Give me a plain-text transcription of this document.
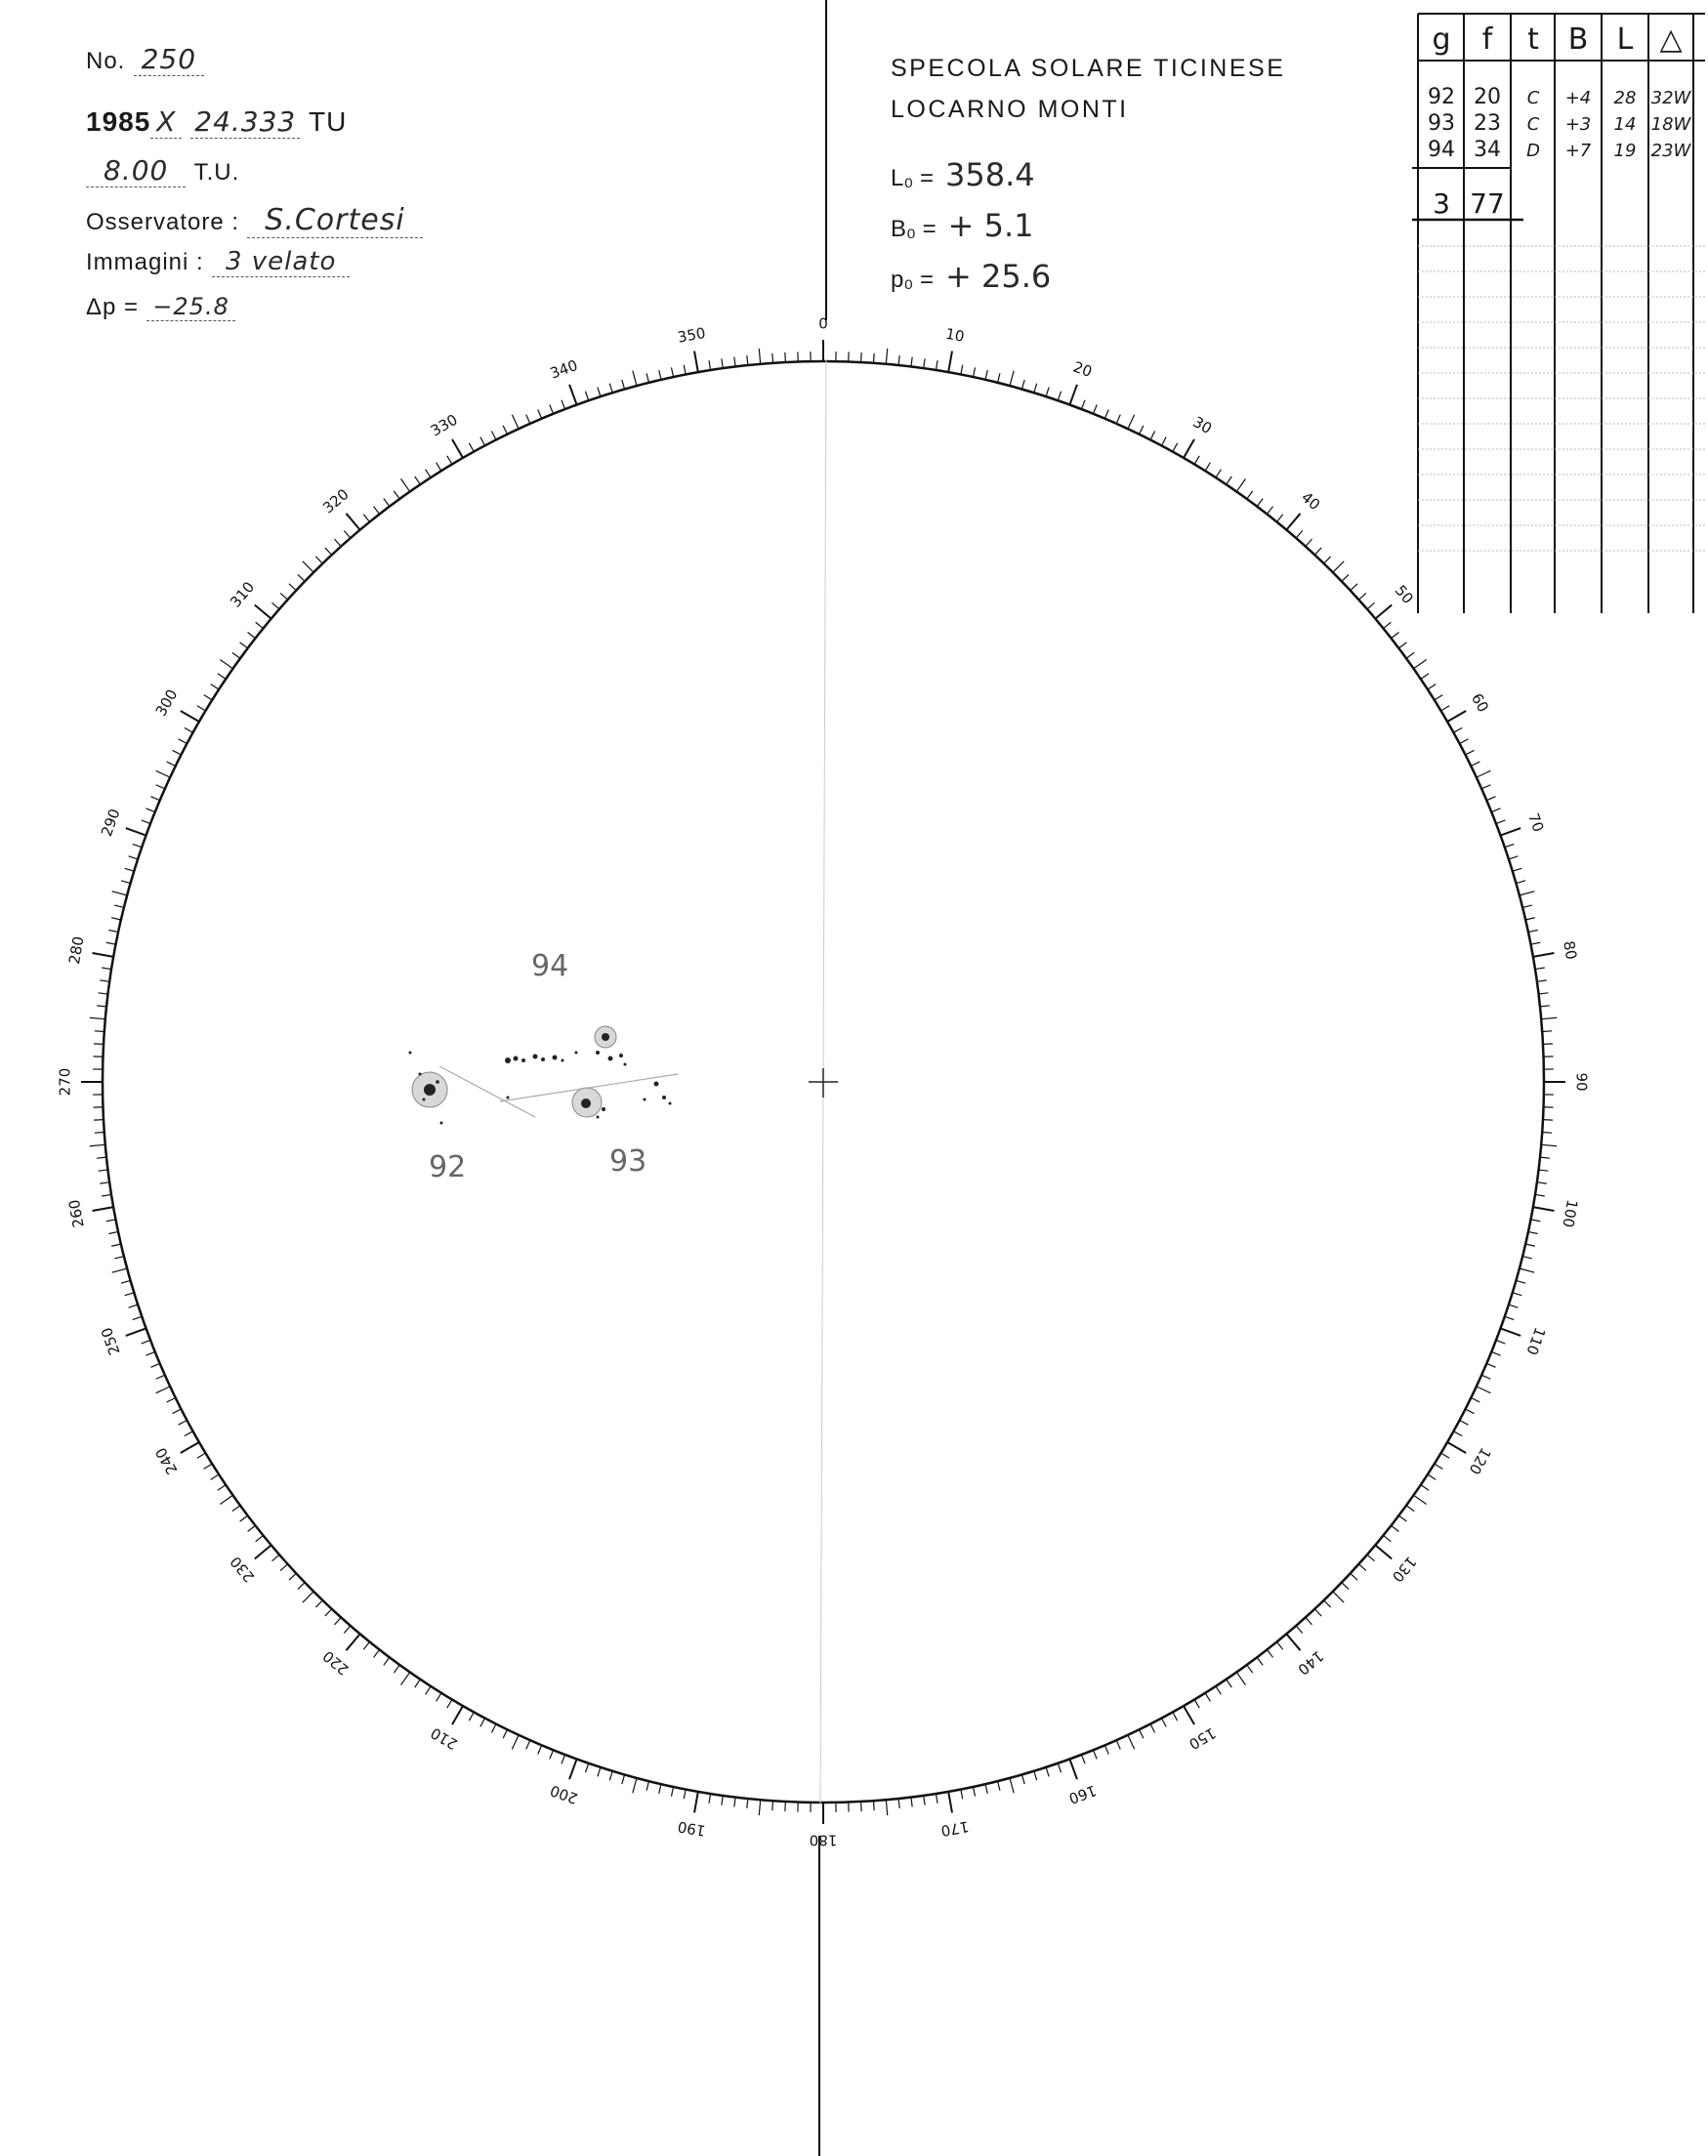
No. 250
1985 X 24.333 TU
8.00 T.U.
Osservatore : S.Cortesi
Immagini : 3 velato
Δp = −25.8
SPECOLA SOLARE TICINESE
LOCARNO MONTI
L₀ = 358.4
B₀ = + 5.1
p₀ = + 25.6
g f t B L △
92 20 C +4 28 32W
93 23 C +3 14 18W
94 34 D +7 19 23W
3 77
0
10
20
30
40
50
60
70
80
90
100
110
120
130
140
150
160
170
180
190
200
210
220
230
240
250
260
270
280
290
300
310
320
330
340
350
94
92	93
